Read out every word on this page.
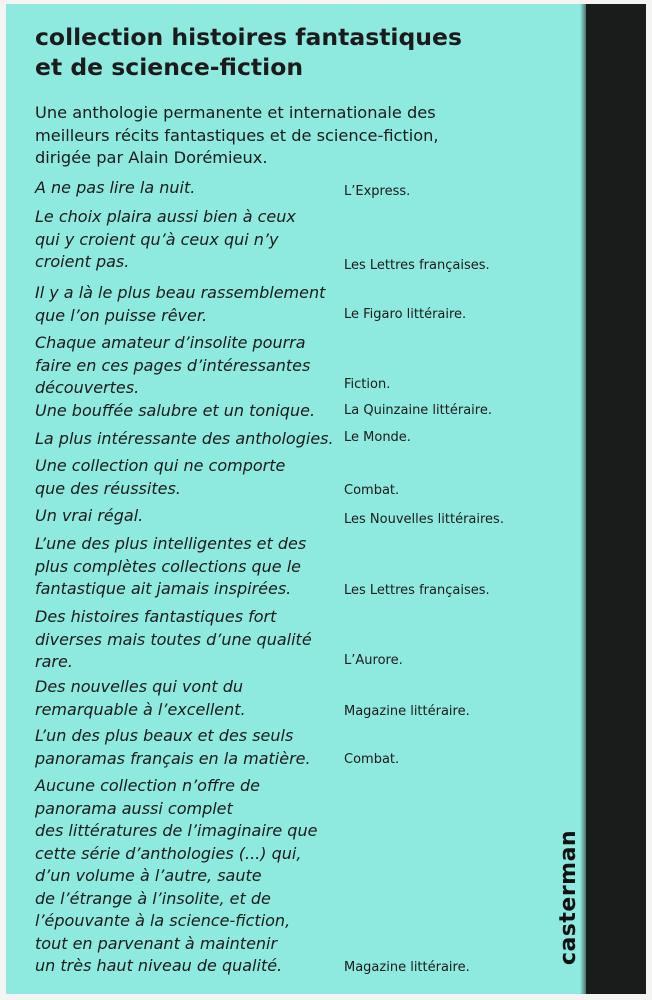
collection histoires fantastiques
et de science-fiction
Une anthologie permanente et internationale des
meilleurs récits fantastiques et de science-fiction,
dirigée par Alain Dorémieux.
A ne pas lire la nuit.	L’Express.
Le choix plaira aussi bien à ceux
qui y croient qu’à ceux qui n’y
croient pas.	Les Lettres françaises.
Il y a là le plus beau rassemblement
que l’on puisse rêver.	Le Figaro littéraire.
Chaque amateur d’insolite pourra
faire en ces pages d’intéressantes
découvertes.	Fiction.
Une bouffée salubre et un tonique. La Quinzaine littéraire.
La plus intéressante des anthologies. Le Monde.
Une collection qui ne comporte
que des réussites.	Combat.
Un vrai régal.	Les Nouvelles littéraires.
L’une des plus intelligentes et des
plus complètes collections que le
fantastique ait jamais inspirées.	Les Lettres françaises.
Des histoires fantastiques fort
diverses mais toutes d’une qualité
rare.	L’Aurore.
Des nouvelles qui vont du
remarquable à l’excellent.	Magazine littéraire.
L’un des plus beaux et des seuls
panoramas français en la matière.	Combat.
Aucune collection n’offre de
panorama aussi complet
des littératures de l’imaginaire que
cette série d’anthologies (...) qui,
d’un volume à l’autre, saute
de l’étrange à l’insolite, et de
l’épouvante à la science-fiction,
tout en parvenant à maintenir
un très haut niveau de qualité.	Magazine littéraire.
casterman
